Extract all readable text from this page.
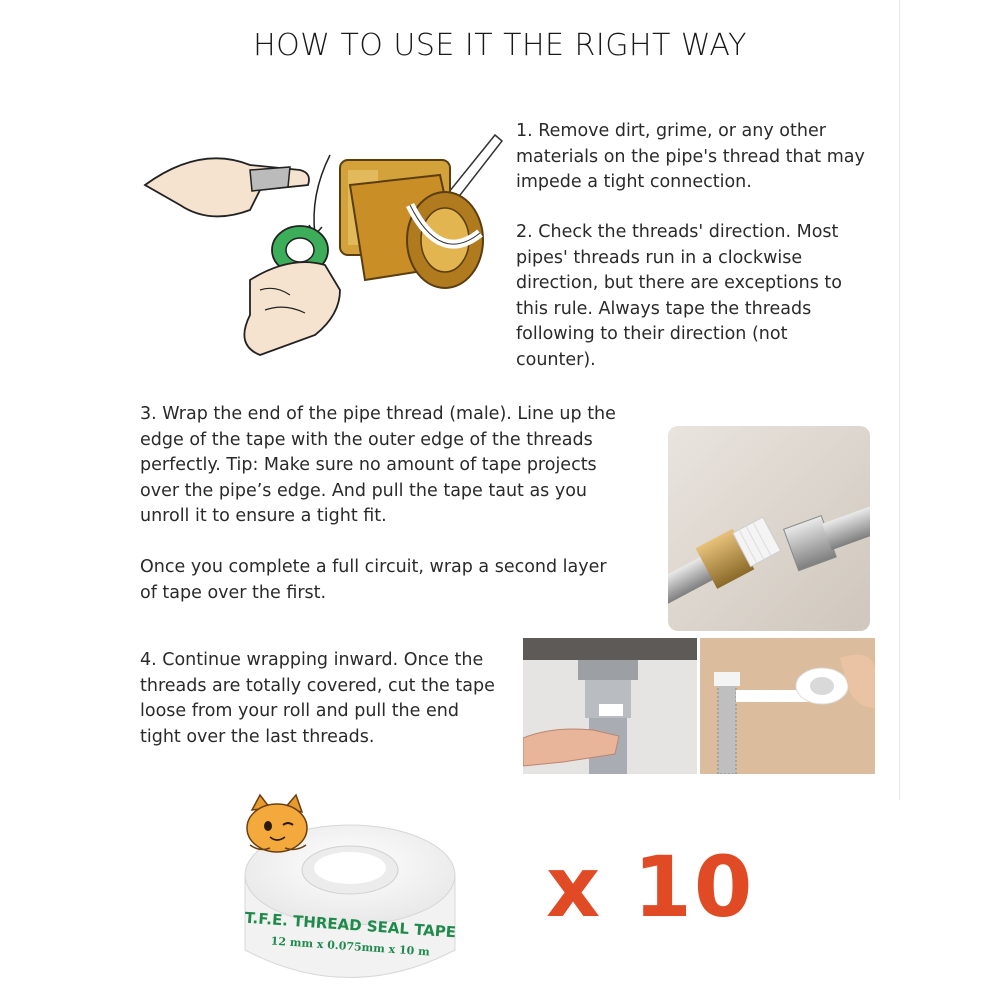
HOW TO USE IT THE RIGHT WAY
1. Remove dirt, grime, or any other
materials on the pipe's thread that may
impede a tight connection.
2. Check the threads' direction. Most
pipes' threads run in a clockwise
direction, but there are exceptions to
this rule. Always tape the threads
following to their direction (not
counter).
3. Wrap the end of the pipe thread (male). Line up the
edge of the tape with the outer edge of the threads
perfectly. Tip: Make sure no amount of tape projects
over the pipe’s edge. And pull the tape taut as you
unroll it to ensure a tight fit.
Once you complete a full circuit, wrap a second layer
of tape over the first.
4. Continue wrapping inward. Once the
threads are totally covered, cut the tape
loose from your roll and pull the end
tight over the last threads.
T.F.E. THREAD SEAL TAPE
12 mm x 0.075mm x 10 m
x 10
